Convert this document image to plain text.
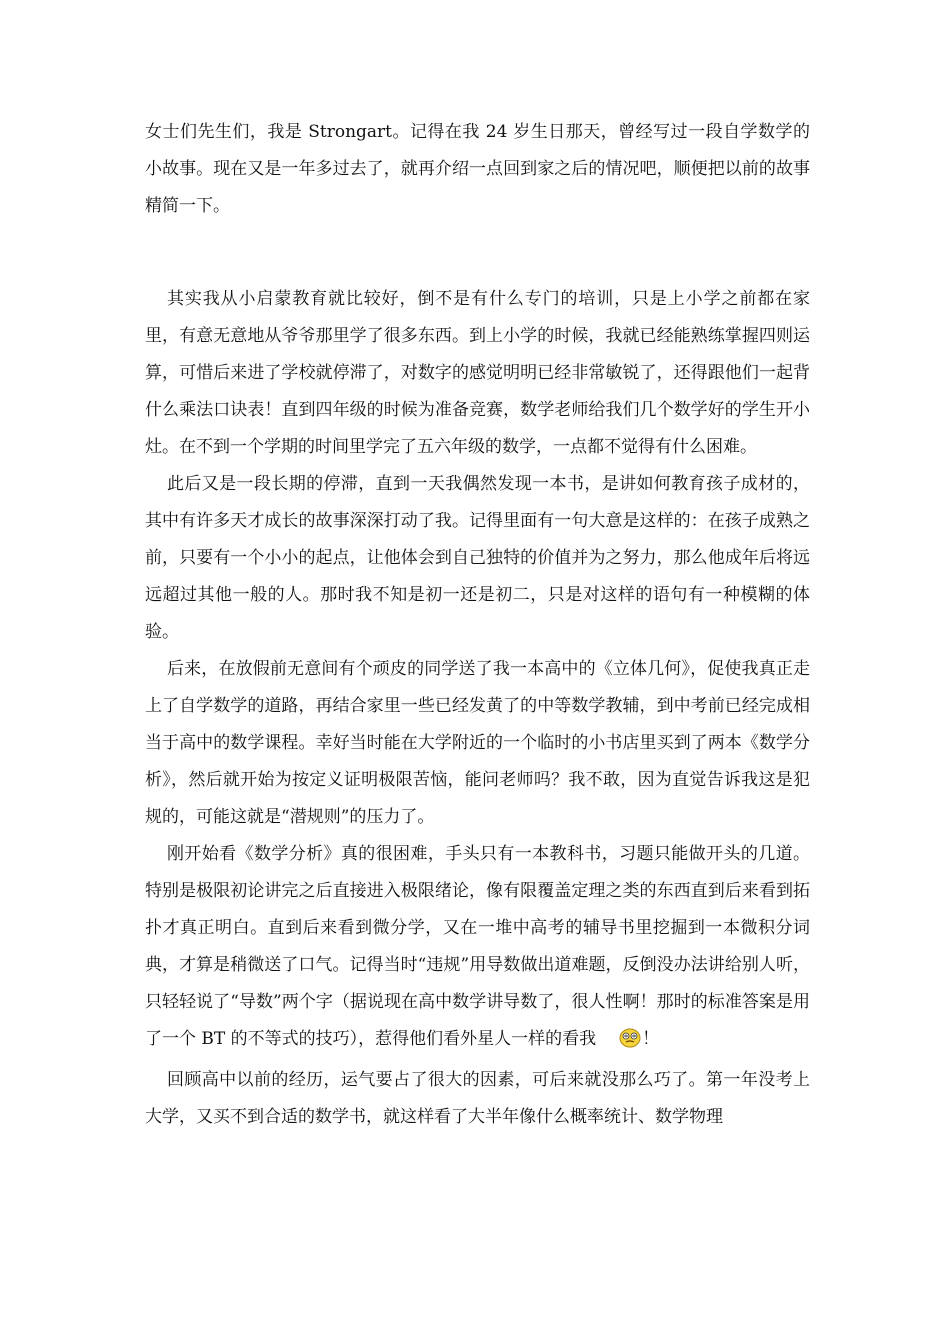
女士们先生们，我是 Strongart。记得在我 24 岁生日那天，曾经写过一段自学数学的小故事。现在又是一年多过去了，就再介绍一点回到家之后的情况吧，顺便把以前的故事精简一下。

其实我从小启蒙教育就比较好，倒不是有什么专门的培训，只是上小学之前都在家里，有意无意地从爷爷那里学了很多东西。到上小学的时候，我就已经能熟练掌握四则运算，可惜后来进了学校就停滞了，对数字的感觉明明已经非常敏锐了，还得跟他们一起背什么乘法口诀表！直到四年级的时候为准备竞赛，数学老师给我们几个数学好的学生开小灶。在不到一个学期的时间里学完了五六年级的数学，一点都不觉得有什么困难。

此后又是一段长期的停滞，直到一天我偶然发现一本书，是讲如何教育孩子成材的，其中有许多天才成长的故事深深打动了我。记得里面有一句大意是这样的：在孩子成熟之前，只要有一个小小的起点，让他体会到自己独特的价值并为之努力，那么他成年后将远远超过其他一般的人。那时我不知是初一还是初二，只是对这样的语句有一种模糊的体验。

后来，在放假前无意间有个顽皮的同学送了我一本高中的《立体几何》，促使我真正走上了自学数学的道路，再结合家里一些已经发黄了的中等数学教辅，到中考前已经完成相当于高中的数学课程。幸好当时能在大学附近的一个临时的小书店里买到了两本《数学分析》，然后就开始为按定义证明极限苦恼，能问老师吗？我不敢，因为直觉告诉我这是犯规的，可能这就是“潜规则”的压力了。

刚开始看《数学分析》真的很困难，手头只有一本教科书，习题只能做开头的几道。特别是极限初论讲完之后直接进入极限绪论，像有限覆盖定理之类的东西直到后来看到拓扑才真正明白。直到后来看到微分学，又在一堆中高考的辅导书里挖掘到一本微积分词典，才算是稍微送了口气。记得当时“违规”用导数做出道难题，反倒没办法讲给别人听，只轻轻说了“导数”两个字（据说现在高中数学讲导数了，很人性啊！那时的标准答案是用了一个 BT 的不等式的技巧），惹得他们看外星人一样的看我	！

回顾高中以前的经历，运气要占了很大的因素，可后来就没那么巧了。第一年没考上大学，又买不到合适的数学书，就这样看了大半年像什么概率统计、数学物理
